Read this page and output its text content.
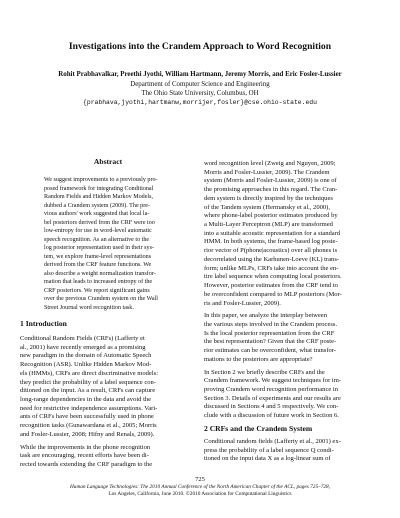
Investigations into the Crandem Approach to Word Recognition
Rohit Prabhavalkar, Preethi Jyothi, William Hartmann, Jeremy Morris, and Eric Fosler-Lussier
Department of Computer Science and Engineering
The Ohio State University, Columbus, OH
{prabhava,jyothi,hartmanw,morrijer,fosler}@cse.ohio-state.edu
Abstract
We suggest improvements to a previously pro-
posed framework for integrating Conditional
Random Fields and Hidden Markov Models,
dubbed a Crandem system (2009). The pre-
vious authors' work suggested that local la-
bel posteriors derived from the CRF were too
low-entropy for use in word-level automatic
speech recognition. As an alternative to the
log posterior representation used in their sys-
tem, we explore frame-level representations
derived from the CRF feature functions. We
also describe a weight normalization transfor-
mation that leads to increased entropy of the
CRF posteriors. We report significant gains
over the previous Crandem system on the Wall
Street Journal word recognition task.
1 Introduction

Conditional Random Fields (CRFs) (Lafferty et
al., 2001) have recently emerged as a promising
new paradigm in the domain of Automatic Speech
Recognition (ASR). Unlike Hidden Markov Mod-
els (HMMs), CRFs are direct discriminative models:
they predict the probability of a label sequence con-
ditioned on the input. As a result, CRFs can capture
long-range dependencies in the data and avoid the
need for restrictive independence assumptions. Vari-
ants of CRFs have been successfully used in phone
recognition tasks (Gunawardana et al., 2005; Morris
and Fosler-Lussier, 2008; Hifny and Renals, 2009).

While the improvements in the phone recognition
task are encouraging, recent efforts have been di-
rected towards extending the CRF paradigm to the

word recognition level (Zweig and Nguyen, 2009;
Morris and Fosler-Lussier, 2009). The Crandem
system (Morris and Fosler-Lussier, 2009) is one of
the promising approaches in this regard. The Cran-
dem system is directly inspired by the techniques
of the Tandem system (Hermansky et al., 2000),
where phone-label posterior estimates produced by
a Multi-Layer Perceptron (MLP) are transformed
into a suitable acoustic representation for a standard
HMM. In both systems, the frame-based log poste-
rior vector of P(phone|acoustics) over all phones is
decorrelated using the Karhunen-Loeve (KL) trans-
form; unlike MLPs, CRFs take into account the en-
tire label sequence when computing local posteriors.
However, posterior estimates from the CRF tend to
be overconfident compared to MLP posteriors (Mor-
ris and Fosler-Lussier, 2009).

In this paper, we analyze the interplay between
the various steps involved in the Crandem process.
Is the local posterior representation from the CRF
the best representation? Given that the CRF poste-
rior estimates can be overconfident, what transfor-
mations to the posteriors are appropriate?

In Section 2 we briefly describe CRFs and the
Crandem framework. We suggest techniques for im-
proving Crandem word recognition performance in
Section 3. Details of experiments and our results are
discussed in Sections 4 and 5 respectively. We con-
clude with a discussion of future work in Section 6.

2 CRFs and the Crandem System

Conditional random fields (Lafferty et al., 2001) ex-
press the probability of a label sequence Q condi-
tioned on the input data X as a log-linear sum of

725

Human Language Technologies: The 2010 Annual Conference of the North American Chapter of the ACL, pages 725–728,

Los Angeles, California, June 2010. ©2010 Association for Computational Linguistics
